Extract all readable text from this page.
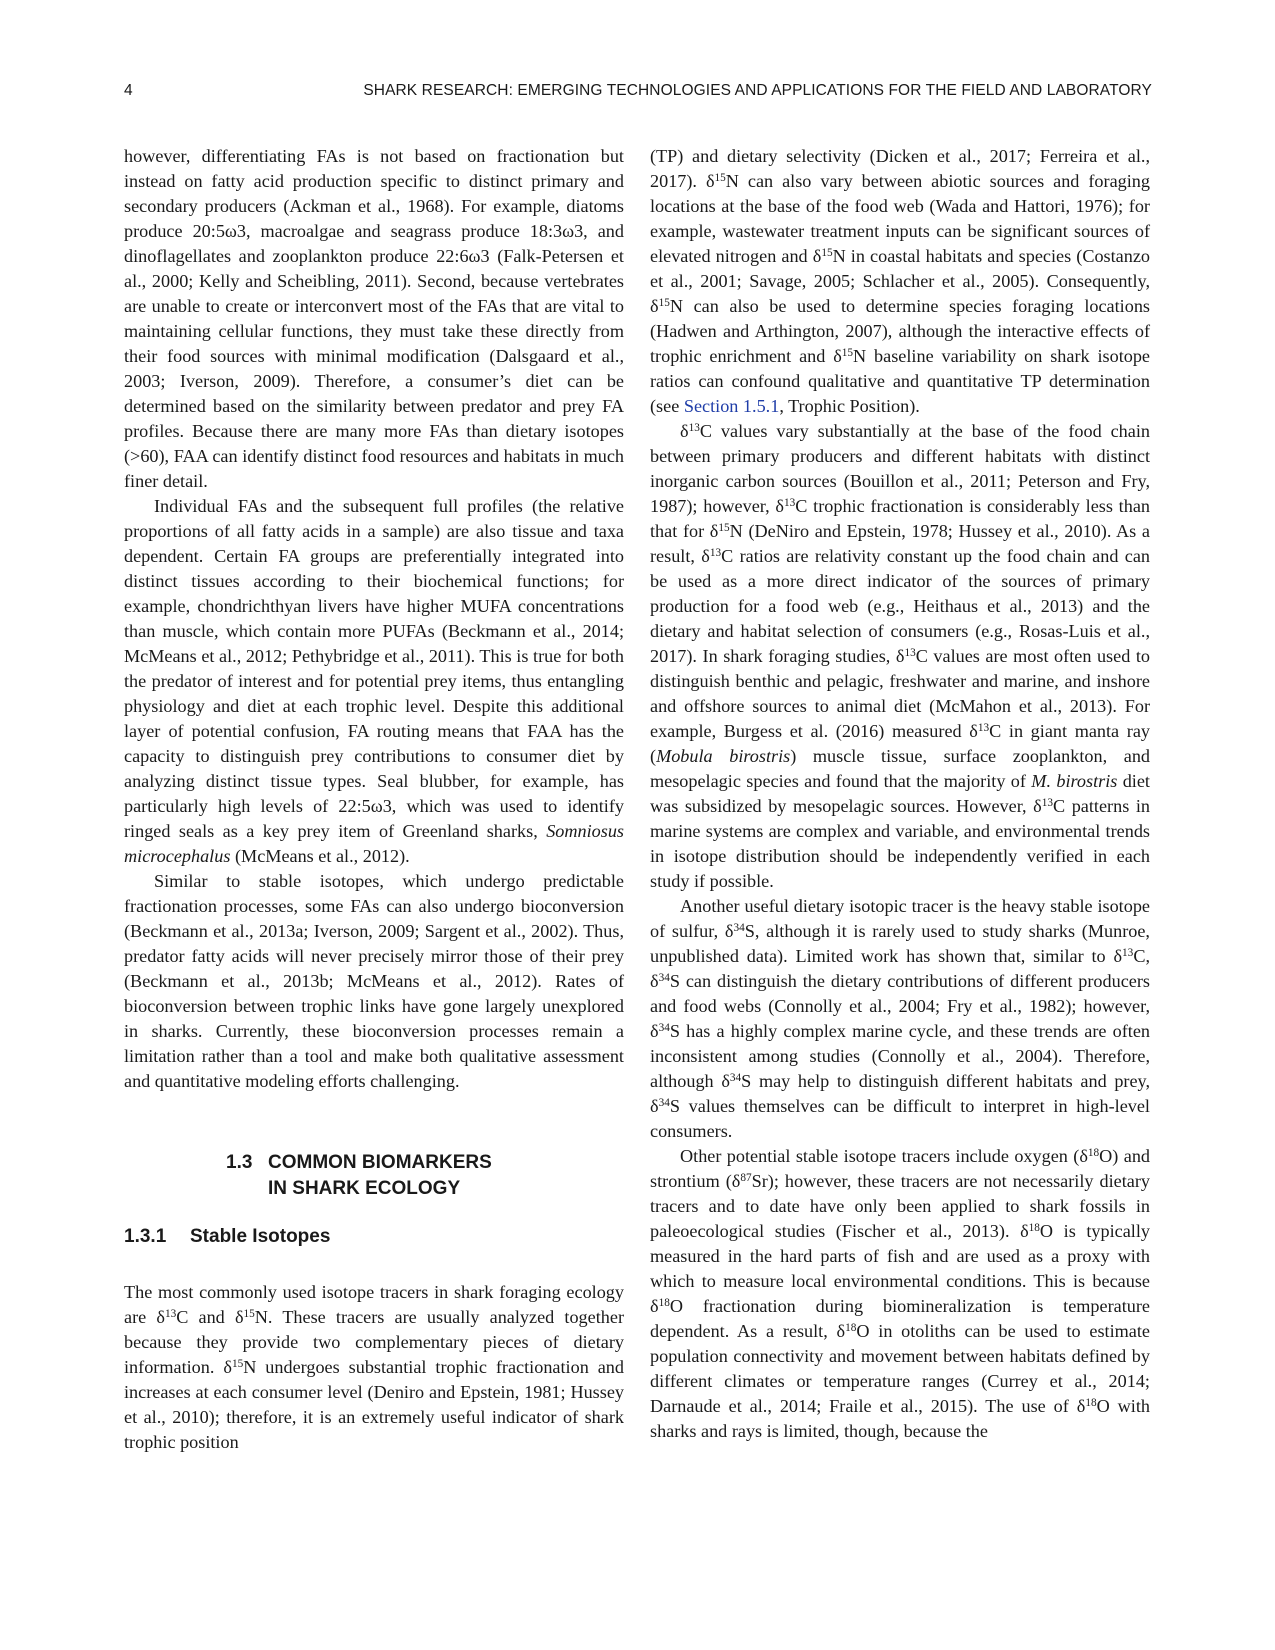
4	SHARK RESEARCH: EMERGING TECHNOLOGIES AND APPLICATIONS FOR THE FIELD AND LABORATORY

however, differentiating FAs is not based on fractionation but instead on fatty acid production specific to distinct primary and secondary producers (Ackman et al., 1968). For example, diatoms produce 20:5ω3, macroalgae and seagrass produce 18:3ω3, and dinoflagellates and zooplankton produce 22:6ω3 (Falk-Petersen et al., 2000; Kelly and Scheibling, 2011). Second, because vertebrates are unable to create or interconvert most of the FAs that are vital to maintaining cellular functions, they must take these directly from their food sources with minimal modification (Dalsgaard et al., 2003; Iverson, 2009). Therefore, a consumer’s diet can be determined based on the similarity between predator and prey FA profiles. Because there are many more FAs than dietary isotopes (>60), FAA can identify distinct food resources and habitats in much finer detail.

Individual FAs and the subsequent full profiles (the relative proportions of all fatty acids in a sample) are also tissue and taxa dependent. Certain FA groups are preferentially integrated into distinct tissues according to their biochemical functions; for example, chondrichthyan livers have higher MUFA concentrations than muscle, which contain more PUFAs (Beckmann et al., 2014; McMeans et al., 2012; Pethybridge et al., 2011). This is true for both the predator of interest and for potential prey items, thus entangling physiology and diet at each trophic level. Despite this additional layer of potential confusion, FA routing means that FAA has the capacity to distinguish prey contributions to consumer diet by analyzing distinct tissue types. Seal blubber, for example, has particularly high levels of 22:5ω3, which was used to identify ringed seals as a key prey item of Greenland sharks, Somniosus microcephalus (McMeans et al., 2012).

Similar to stable isotopes, which undergo predictable fractionation processes, some FAs can also undergo bioconversion (Beckmann et al., 2013a; Iverson, 2009; Sargent et al., 2002). Thus, predator fatty acids will never precisely mirror those of their prey (Beckmann et al., 2013b; McMeans et al., 2012). Rates of bioconversion between trophic links have gone largely unexplored in sharks. Currently, these bioconversion processes remain a limitation rather than a tool and make both qualitative assessment and quantitative modeling efforts challenging.

1.3 COMMON BIOMARKERS
IN SHARK ECOLOGY
1.3.1 Stable Isotopes

The most commonly used isotope tracers in shark foraging ecology are $\delta^{13}C$ and $\delta^{15}N$. These tracers are usually analyzed together because they provide two complementary pieces of dietary information. $\delta^{15}N$ undergoes substantial trophic fractionation and increases at each consumer level (Deniro and Epstein, 1981; Hussey et al., 2010); therefore, it is an extremely useful indicator of shark trophic position

(TP) and dietary selectivity (Dicken et al., 2017; Ferreira et al., 2017). $\delta^{15}N$ can also vary between abiotic sources and foraging locations at the base of the food web (Wada and Hattori, 1976); for example, wastewater treatment inputs can be significant sources of elevated nitrogen and $\delta^{15}N$ in coastal habitats and species (Costanzo et al., 2001; Savage, 2005; Schlacher et al., 2005). Consequently, $\delta^{15}N$ can also be used to determine species foraging locations (Hadwen and Arthington, 2007), although the interactive effects of trophic enrichment and $\delta^{15}N$ baseline variability on shark isotope ratios can confound qualitative and quantitative TP determination (see Section 1.5.1, Trophic Position).

$\delta^{13}C$ values vary substantially at the base of the food chain between primary producers and different habitats with distinct inorganic carbon sources (Bouillon et al., 2011; Peterson and Fry, 1987); however, $\delta^{13}C$ trophic fractionation is considerably less than that for $\delta^{15}N$ (DeNiro and Epstein, 1978; Hussey et al., 2010). As a result, $\delta^{13}C$ ratios are relativity constant up the food chain and can be used as a more direct indicator of the sources of primary production for a food web (e.g., Heithaus et al., 2013) and the dietary and habitat selection of consumers (e.g., Rosas-Luis et al., 2017). In shark foraging studies, $\delta^{13}C$ values are most often used to distinguish benthic and pelagic, freshwater and marine, and inshore and offshore sources to animal diet (McMahon et al., 2013). For example, Burgess et al. (2016) measured $\delta^{13}C$ in giant manta ray (Mobula birostris) muscle tissue, surface zooplankton, and mesopelagic species and found that the majority of M. birostris diet was subsidized by mesopelagic sources. However, $\delta^{13}C$ patterns in marine systems are complex and variable, and environmental trends in isotope distribution should be independently verified in each study if possible.

Another useful dietary isotopic tracer is the heavy stable isotope of sulfur, $\delta^{34}S$, although it is rarely used to study sharks (Munroe, unpublished data). Limited work has shown that, similar to $\delta^{13}C$, $\delta^{34}S$ can distinguish the dietary contributions of different producers and food webs (Connolly et al., 2004; Fry et al., 1982); however, $\delta^{34}S$ has a highly complex marine cycle, and these trends are often inconsistent among studies (Connolly et al., 2004). Therefore, although $\delta^{34}S$ may help to distinguish different habitats and prey, $\delta^{34}S$ values themselves can be difficult to interpret in high-level consumers.

Other potential stable isotope tracers include oxygen $(\delta^{18}O)$ and strontium $(\delta^{87}Sr)$; however, these tracers are not necessarily dietary tracers and to date have only been applied to shark fossils in paleoecological studies (Fischer et al., 2013). $\delta^{18}O$ is typically measured in the hard parts of fish and are used as a proxy with which to measure local environmental conditions. This is because $\delta^{18}O$ fractionation during biomineralization is temperature dependent. As a result, $\delta^{18}O$ in otoliths can be used to estimate population connectivity and movement between habitats defined by different climates or temperature ranges (Currey et al., 2014; Darnaude et al., 2014; Fraile et al., 2015). The use of $\delta^{18}O$ with sharks and rays is limited, though, because the
